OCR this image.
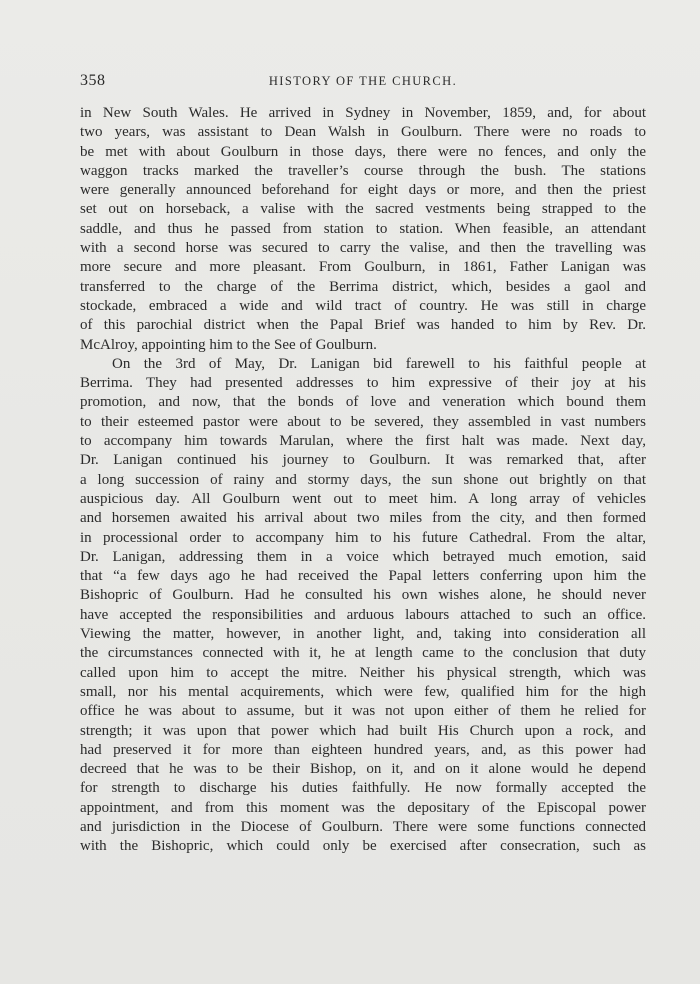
358	HISTORY OF THE CHURCH.
in New South Wales. He arrived in Sydney in November, 1859, and, for about
two years, was assistant to Dean Walsh in Goulburn. There were no roads to
be met with about Goulburn in those days, there were no fences, and only the
waggon tracks marked the traveller’s course through the bush. The stations
were generally announced beforehand for eight days or more, and then the priest
set out on horseback, a valise with the sacred vestments being strapped to the
saddle, and thus he passed from station to station. When feasible, an attendant
with a second horse was secured to carry the valise, and then the travelling was
more secure and more pleasant. From Goulburn, in 1861, Father Lanigan was
transferred to the charge of the Berrima district, which, besides a gaol and
stockade, embraced a wide and wild tract of country. He was still in charge
of this parochial district when the Papal Brief was handed to him by Rev. Dr.
McAlroy, appointing him to the See of Goulburn.
On the 3rd of May, Dr. Lanigan bid farewell to his faithful people at
Berrima. They had presented addresses to him expressive of their joy at his
promotion, and now, that the bonds of love and veneration which bound them
to their esteemed pastor were about to be severed, they assembled in vast numbers
to accompany him towards Marulan, where the first halt was made. Next day,
Dr. Lanigan continued his journey to Goulburn. It was remarked that, after
a long succession of rainy and stormy days, the sun shone out brightly on that
auspicious day. All Goulburn went out to meet him. A long array of vehicles
and horsemen awaited his arrival about two miles from the city, and then formed
in processional order to accompany him to his future Cathedral. From the altar,
Dr. Lanigan, addressing them in a voice which betrayed much emotion, said
that “a few days ago he had received the Papal letters conferring upon him the
Bishopric of Goulburn. Had he consulted his own wishes alone, he should never
have accepted the responsibilities and arduous labours attached to such an office.
Viewing the matter, however, in another light, and, taking into consideration all
the circumstances connected with it, he at length came to the conclusion that duty
called upon him to accept the mitre. Neither his physical strength, which was
small, nor his mental acquirements, which were few, qualified him for the high
office he was about to assume, but it was not upon either of them he relied for
strength; it was upon that power which had built His Church upon a rock, and
had preserved it for more than eighteen hundred years, and, as this power had
decreed that he was to be their Bishop, on it, and on it alone would he depend
for strength to discharge his duties faithfully. He now formally accepted the
appointment, and from this moment was the depositary of the Episcopal power
and jurisdiction in the Diocese of Goulburn. There were some functions connected
with the Bishopric, which could only be exercised after consecration, such as
